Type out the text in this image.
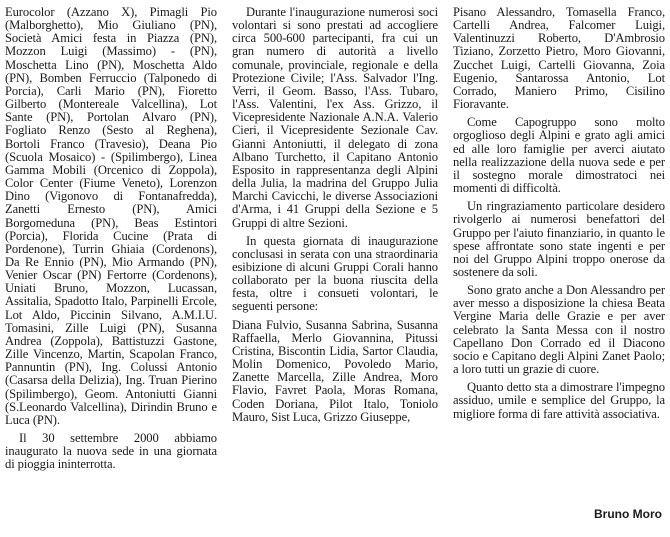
Eurocolor (Azzano X), Pimagli Pio (Malborghetto), Mio Giuliano (PN), Società Amici festa in Piazza (PN), Mozzon Luigi (Massimo) - (PN), Moschetta Lino (PN), Moschetta Aldo (PN), Bomben Ferruccio (Talponedo di Porcia), Carli Mario (PN), Fioretto Gilberto (Montereale Valcellina), Lot Sante (PN), Portolan Alvaro (PN), Fogliato Renzo (Sesto al Reghena), Bortoli Franco (Travesio), Deana Pio (Scuola Mosaico) - (Spilimbergo), Linea Gamma Mobili (Orcenico di Zoppola), Color Center (Fiume Veneto), Lorenzon Dino (Vigonovo di Fontanafredda), Zanetti Ernesto (PN), Amici Borgomeduna (PN), Beas Estintori (Porcia), Florida Cucine (Prata di Pordenone), Turrin Ghiaia (Cordenons), Da Re Ennio (PN), Mio Armando (PN), Venier Oscar (PN) Fertorre (Cordenons), Uniati Bruno, Mozzon, Lucassan, Assitalia, Spadotto Italo, Parpinelli Ercole, Lot Aldo, Piccinin Silvano, A.M.I.U. Tomasini, Zille Luigi (PN), Susanna Andrea (Zoppola), Battistuzzi Gastone, Zille Vincenzo, Martin, Scapolan Franco, Pannuntin (PN), Ing. Colussi Antonio (Casarsa della Delizia), Ing. Truan Pierino (Spilimbergo), Geom. Antoniutti Gianni (S.Leonardo Valcellina), Dirindin Bruno e Luca (PN).

Il 30 settembre 2000 abbiamo inaugurato la nuova sede in una giornata di pioggia ininterrotta.

Durante l'inaugurazione numerosi soci volontari si sono prestati ad accogliere circa 500-600 partecipanti, fra cui un gran numero di autorità a livello comunale, provinciale, regionale e della Protezione Civile; l'Ass. Salvador l'Ing. Verri, il Geom. Basso, l'Ass. Tubaro, l'Ass. Valentini, l'ex Ass. Grizzo, il Vicepresidente Nazionale A.N.A. Valerio Cieri, il Vicepresidente Sezionale Cav. Gianni Antoniutti, il delegato di zona Albano Turchetto, il Capitano Antonio Esposito in rappresentanza degli Alpini della Julia, la madrina del Gruppo Julia Marchi Cavicchi, le diverse Associazioni d'Arma, i 41 Gruppi della Sezione e 5 Gruppi di altre Sezioni.

In questa giornata di inaugurazione conclusasi in serata con una straordinaria esibizione di alcuni Gruppi Corali hanno collaborato per la buona riuscita della festa, oltre i consueti volontari, le seguenti persone:

Diana Fulvio, Susanna Sabrina, Susanna Raffaella, Merlo Giovannina, Pitussi Cristina, Biscontin Lidia, Sartor Claudia, Molin Domenico, Povoledo Mario, Zanette Marcella, Zille Andrea, Moro Flavio, Favret Paola, Moras Romana, Coden Doriana, Pilot Italo, Toniolo Mauro, Sist Luca, Grizzo Giuseppe,

Pisano Alessandro, Tomasella Franco, Cartelli Andrea, Falcomer Luigi, Valentinuzzi Roberto, D'Ambrosio Tiziano, Zorzetto Pietro, Moro Giovanni, Zucchet Luigi, Cartelli Giovanna, Zoia Eugenio, Santarossa Antonio, Lot Corrado, Maniero Primo, Cisilino Fioravante.

Come Capogruppo sono molto orgoglioso degli Alpini e grato agli amici ed alle loro famiglie per averci aiutato nella realizzazione della nuova sede e per il sostegno morale dimostratoci nei momenti di difficoltà.

Un ringraziamento particolare desidero rivolgerlo ai numerosi benefattori del Gruppo per l'aiuto finanziario, in quanto le spese affrontate sono state ingenti e per noi del Gruppo Alpini troppo onerose da sostenere da soli.

Sono grato anche a Don Alessandro per aver messo a disposizione la chiesa Beata Vergine Maria delle Grazie e per aver celebrato la Santa Messa con il nostro Capellano Don Corrado ed il Diacono socio e Capitano degli Alpini Zanet Paolo; a loro tutti un grazie di cuore.

Quanto detto sta a dimostrare l'impegno assiduo, umile e semplice del Gruppo, la migliore forma di fare attività associativa.

Bruno Moro
